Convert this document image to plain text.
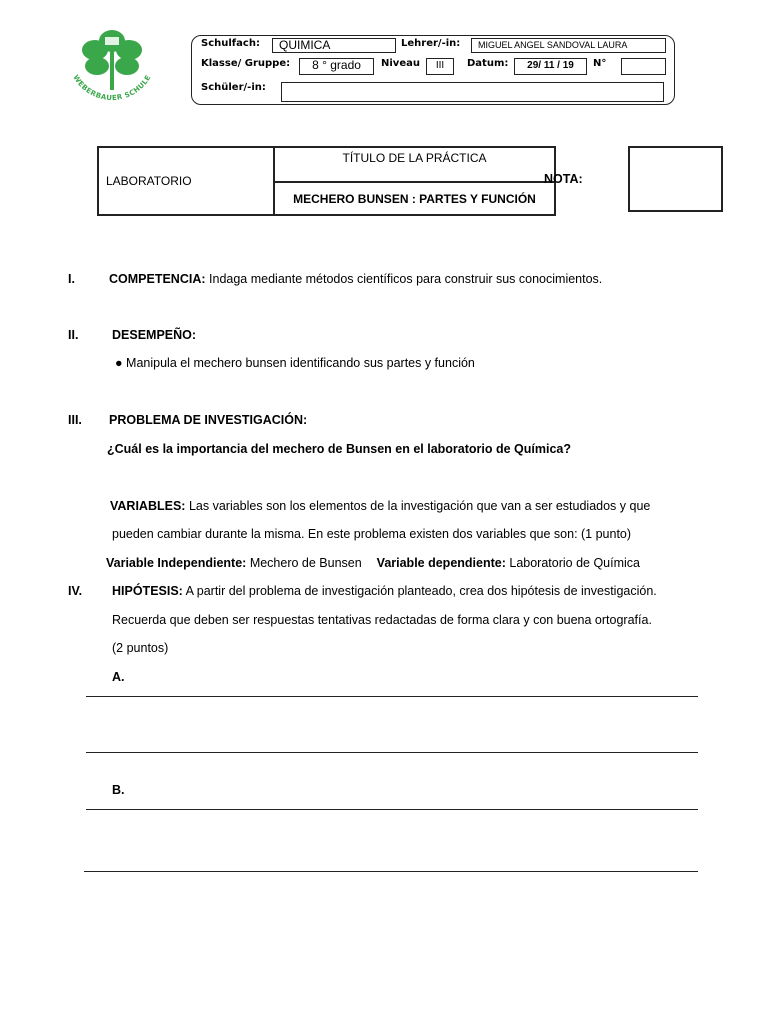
WEBERBAUER SCHULE
Schulfach:	QUIMICA	Lehrer/-in:	MIGUEL ANGEL SANDOVAL LAURA
Klasse/ Gruppe:	8 ° grado	Niveau	III	Datum:	29/ 11 / 19	N°
Schüler/-in:
LABORATORIO	TÍTULO DE LA PRÁCTICA
MECHERO BUNSEN : PARTES Y FUNCIÓN
NOTA:
I.	COMPETENCIA: Indaga mediante métodos científicos para construir sus conocimientos.
II.	DESEMPEÑO:
● Manipula el mechero bunsen identificando sus partes y función
III. PROBLEMA DE INVESTIGACIÓN:
¿Cuál es la importancia del mechero de Bunsen en el laboratorio de Química?
VARIABLES: Las variables son los elementos de la investigación que van a ser estudiados y que
pueden cambiar durante la misma. En este problema existen dos variables que son: (1 punto)
Variable Independiente: Mechero de Bunsen Variable dependiente: Laboratorio de Química
IV. HIPÓTESIS: A partir del problema de investigación planteado, crea dos hipótesis de investigación.
Recuerda que deben ser respuestas tentativas redactadas de forma clara y con buena ortografía.
(2 puntos)
A.
B.
